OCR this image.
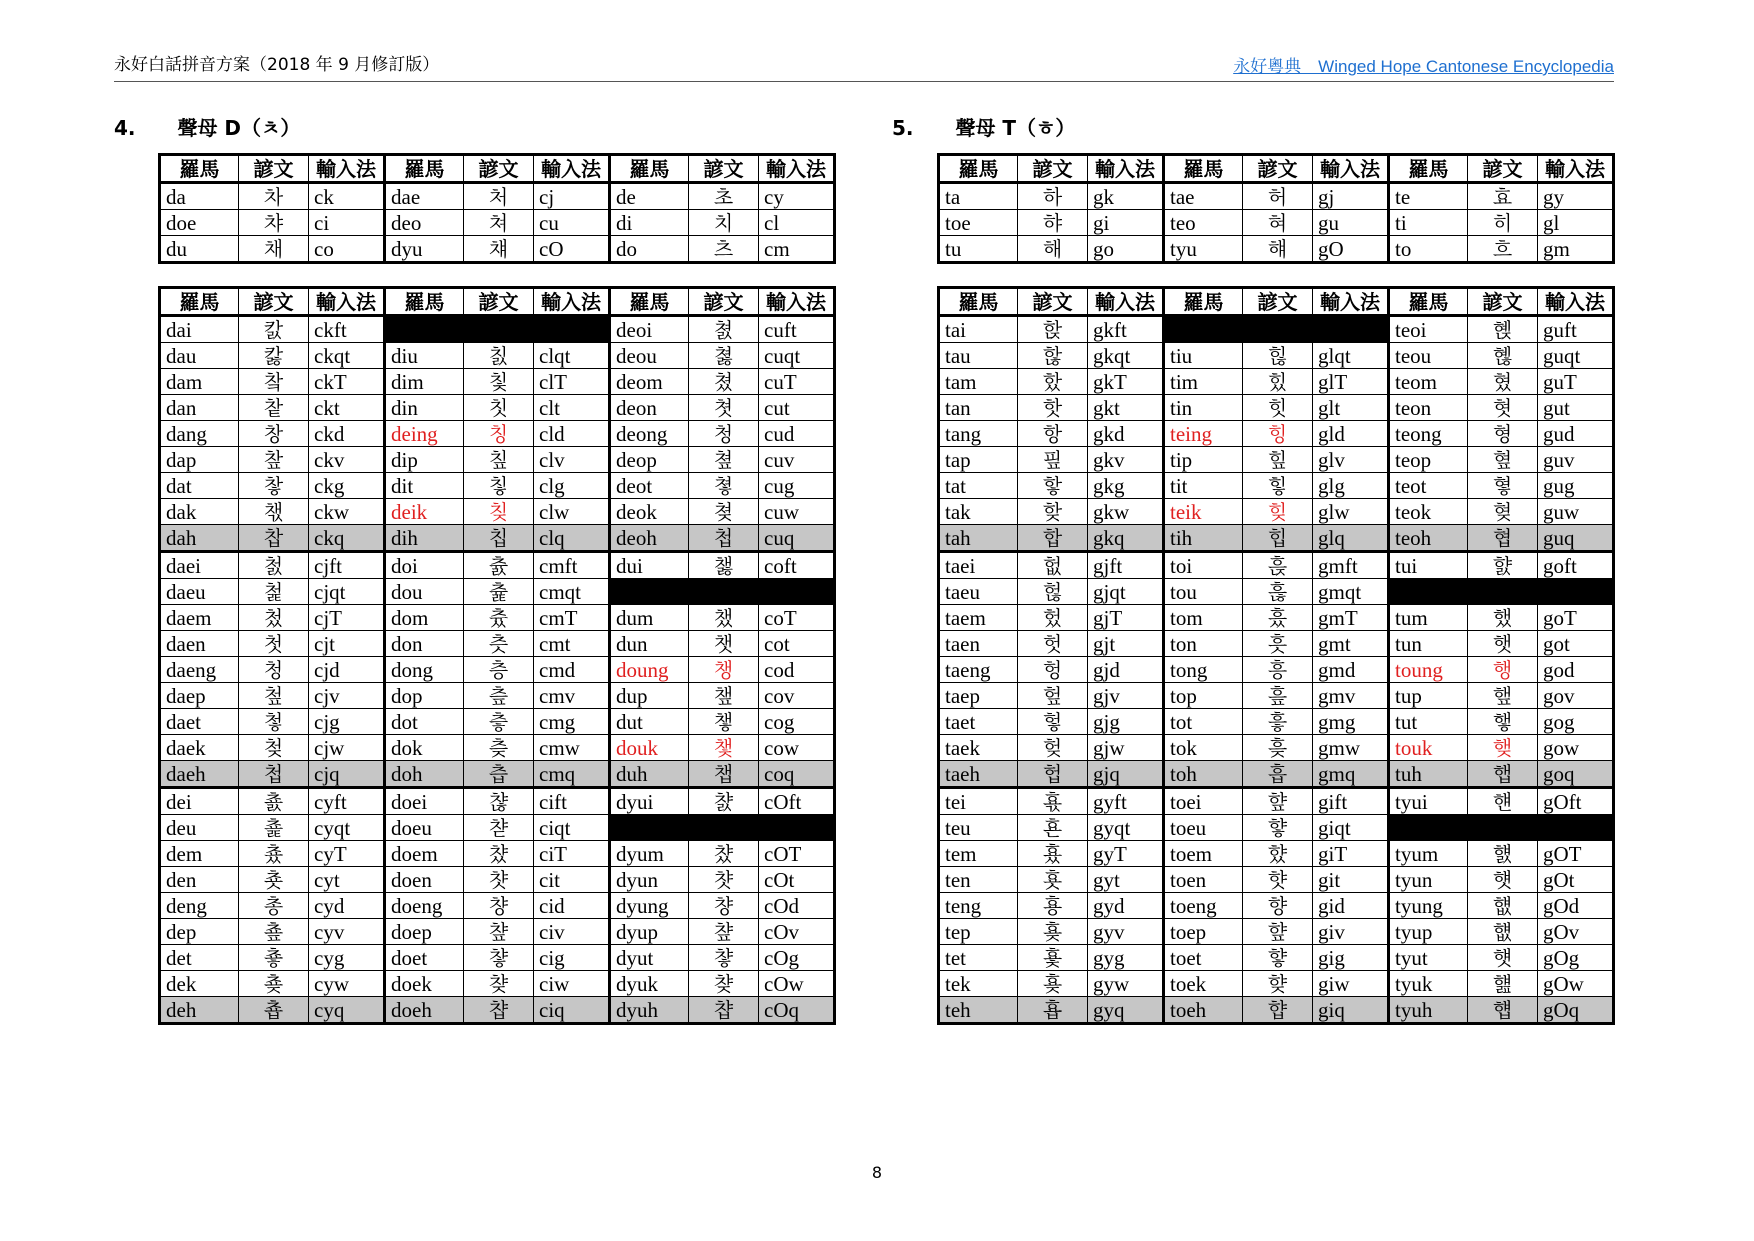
永好白話拼音方案（2018 年 9 月修訂版）	永好粵典　Winged Hope Cantonese Encyclopedia
4. 聲母 D（ㅊ）	5. 聲母 T（ㅎ）
羅馬	諺文	輸入法	羅馬	諺文	輸入法	羅馬	諺文	輸入法
da	차	ck	dae	처	cj	de	초	cy
doe	챠	ci	deo	쳐	cu	di	치	cl
du	채	co	dyu	챼	cO	do	츠	cm
羅馬	諺文	輸入法	羅馬	諺文	輸入法	羅馬	諺文	輸入法
dai	캀	ckft				deoi	쳜	cuft
dau	캃	ckqt	diu	칤	clqt	deou	쳟	cuqt
dam	챀	ckT	dim	칯	clT	deom	쳤	cuT
dan	챁	ckt	din	칫	clt	deon	쳣	cut
dang	창	ckd	deing	칭	cld	deong	청	cud
dap	챂	ckv	dip	칲	clv	deop	쳪	cuv
dat	챃	ckg	dit	칳	clg	deot	쳫	cug
dak	챇	ckw	deik	칮	clw	deok	쳦	cuw
dah	찹	ckq	dih	칩	clq	deoh	첩	cuq
daei	첤	cjft	doi	츐	cmft	dui	챓	coft
daeu	첥	cjqt	dou	츑	cmqt			
daem	첬	cjT	dom	츘	cmT	dum	챘	coT
daen	첫	cjt	don	츳	cmt	dun	챗	cot
daeng	청	cjd	dong	층	cmd	doung	챙	cod
daep	첲	cjv	dop	츺	cmv	dup	챞	cov
daet	첳	cjg	dot	츻	cmg	dut	챟	cog
daek	첮	cjw	dok	츶	cmw	douk	챛	cow
daeh	첩	cjq	doh	츱	cmq	duh	챕	coq
dei	춄	cyft	doei	챦	cift	dyui	챬	cOft
deu	춅	cyqt	doeu	챧	ciqt			
dem	춌	cyT	doem	챴	ciT	dyum	챴	cOT
den	춋	cyt	doen	챳	cit	dyun	챳	cOt
deng	총	cyd	doeng	챵	cid	dyung	챵	cOd
dep	춒	cyv	doep	챺	civ	dyup	챺	cOv
det	춓	cyg	doet	챻	cig	dyut	챻	cOg
dek	춎	cyw	doek	챶	ciw	dyuk	챶	cOw
deh	춉	cyq	doeh	챱	ciq	dyuh	챱	cOq
羅馬	諺文	輸入法	羅馬	諺文	輸入法	羅馬	諺文	輸入法
ta	하	gk	tae	허	gj	te	효	gy
toe	햐	gi	teo	혀	gu	ti	히	gl
tu	해	go	tyu	햬	gO	to	흐	gm
羅馬	諺文	輸入法	羅馬	諺文	輸入法	羅馬	諺文	輸入法
tai	핝	gkft				teoi	혡	guft
tau	핞	gkqt	tiu	힎	glqt	teou	혢	guqt
tam	핬	gkT	tim	힜	glT	teom	혔	guT
tan	핫	gkt	tin	힛	glt	teon	혓	gut
tang	항	gkd	teing	힝	gld	teong	형	gud
tap	핖	gkv	tip	힢	glv	teop	혚	guv
tat	핳	gkg	tit	힣	glg	teot	혛	gug
tak	핮	gkw	teik	힞	glw	teok	혖	guw
tah	합	gkq	tih	힙	glq	teoh	협	guq
taei	헚	gjft	toi	흕	gmft	tui	햜	goft
taeu	헎	gjqt	tou	흖	gmqt			
taem	헜	gjT	tom	흤	gmT	tum	했	goT
taen	헛	gjt	ton	흣	gmt	tun	햇	got
taeng	헝	gjd	tong	흥	gmd	toung	행	god
taep	헢	gjv	top	흪	gmv	tup	햎	gov
taet	헣	gjg	tot	흫	gmg	tut	햏	gog
taek	헞	gjw	tok	흦	gmw	touk	햊	gow
taeh	헙	gjq	toh	흡	gmq	tuh	햅	goq
tei	횫	gyft	toei	햪	gift	tyui	햰	gOft
teu	횬	gyqt	toeu	햫	giqt			
tem	횼	gyT	toem	햤	giT	tyum	햸	gOT
ten	횻	gyt	toen	햣	git	tyun	햿	gOt
teng	횽	gyd	toeng	향	gid	tyung	햾	gOd
tep	횾	gyv	toep	햪	giv	tyup	햾	gOv
tet	횿	gyg	toet	햫	gig	tyut	햿	gOg
tek	횾	gyw	toek	햦	giw	tyuk	햺	gOw
teh	횹	gyq	toeh	햡	giq	tyuh	햽	gOq
8
